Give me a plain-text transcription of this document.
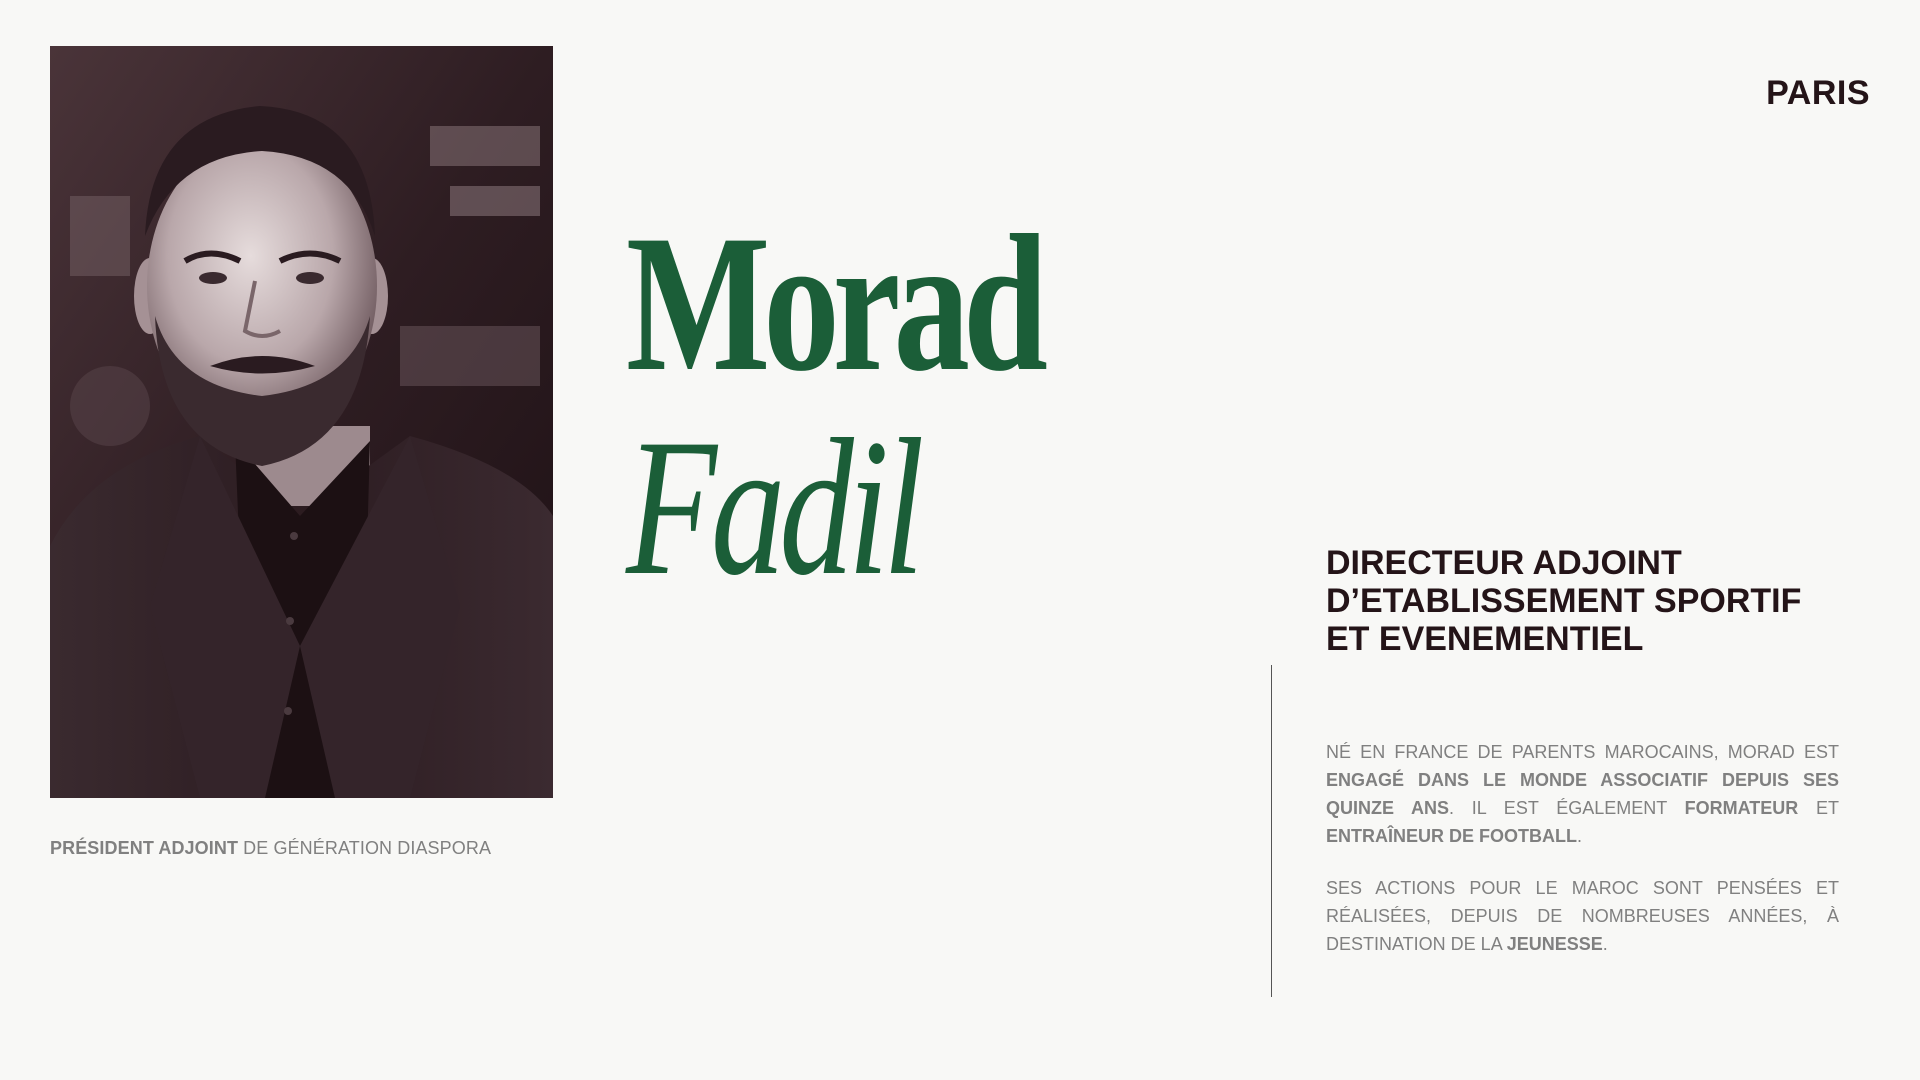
PRÉSIDENT ADJOINT DE GÉNÉRATION DIASPORA
PARIS
Morad
Fadil	DIRECTEUR ADJOINT
D’ETABLISSEMENT SPORTIF
ET EVENEMENTIEL

NÉ EN FRANCE DE PARENTS MAROCAINS, MORAD EST ENGAGÉ DANS LE MONDE ASSOCIATIF DEPUIS SES QUINZE ANS. IL EST ÉGALEMENT FORMATEUR ET ENTRAÎNEUR DE FOOTBALL.

SES ACTIONS POUR LE MAROC SONT PENSÉES ET RÉALISÉES, DEPUIS DE NOMBREUSES ANNÉES, À DESTINATION DE LA JEUNESSE.
